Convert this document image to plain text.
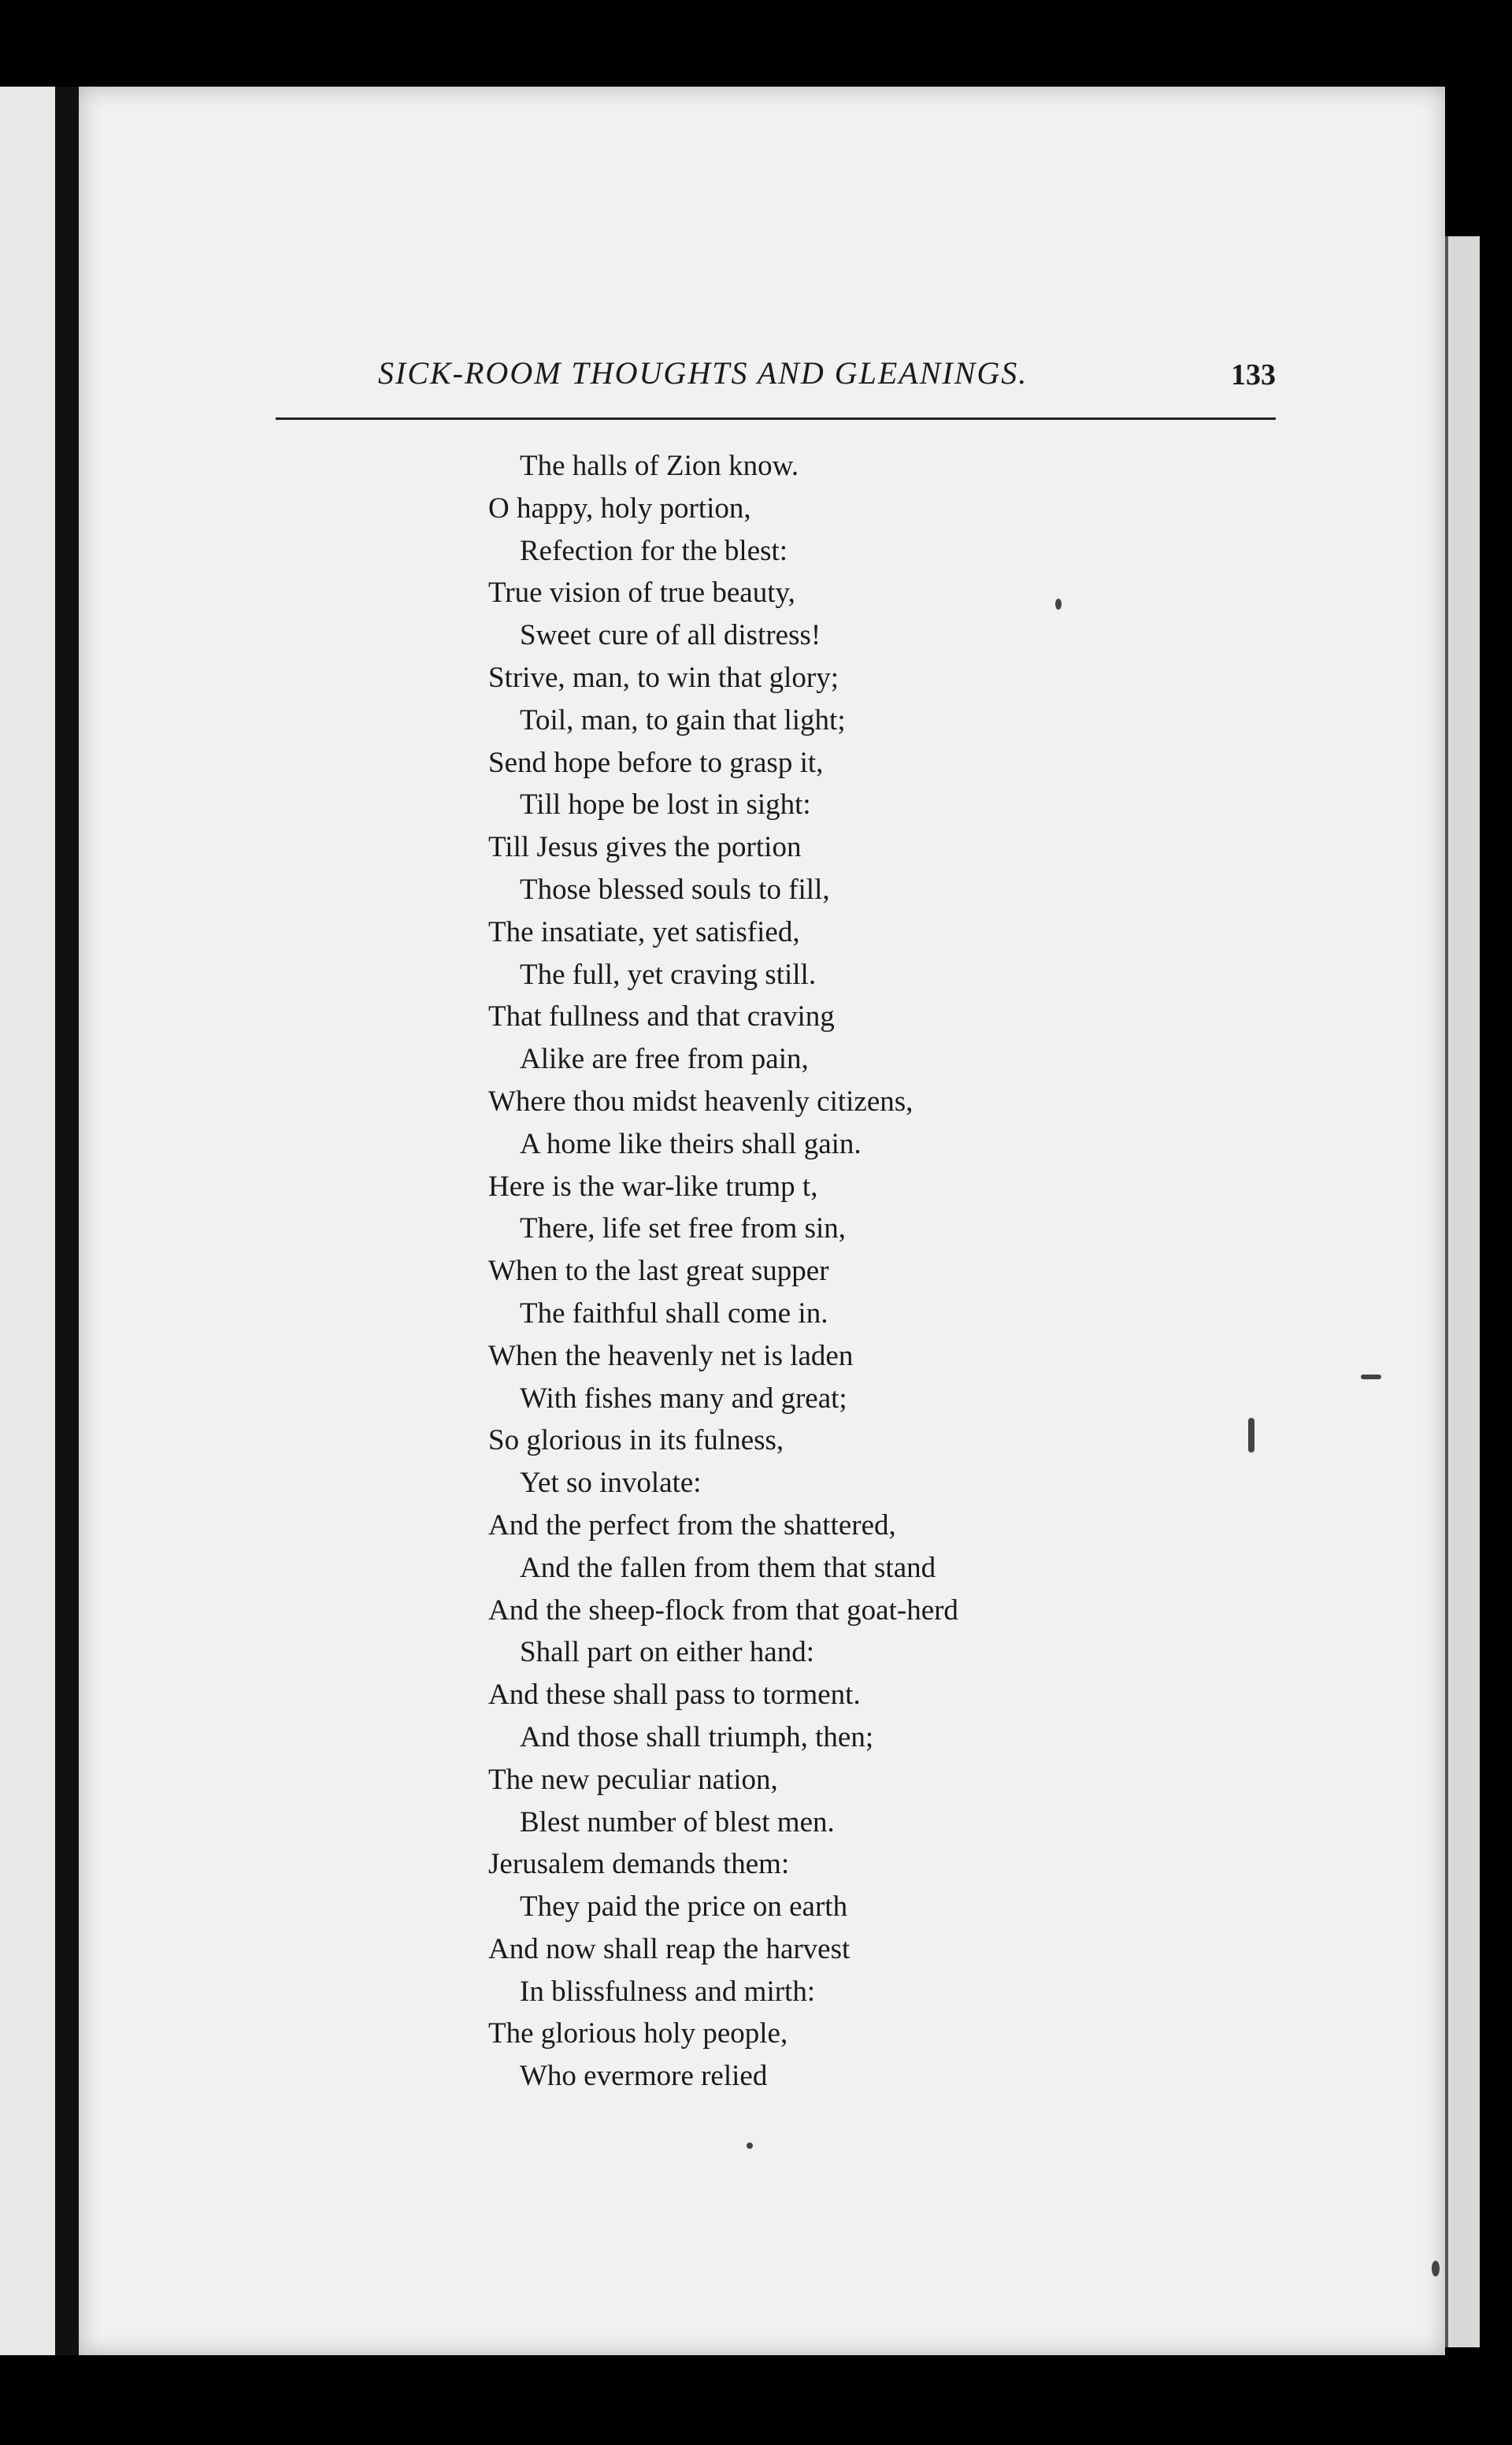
SICK-ROOM THOUGHTS AND GLEANINGS.	133
The halls of Zion know.
O happy, holy portion,
Refection for the blest:
True vision of true beauty,
Sweet cure of all distress!
Strive, man, to win that glory;
Toil, man, to gain that light;
Send hope before to grasp it,
Till hope be lost in sight:
Till Jesus gives the portion
Those blessed souls to fill,
The insatiate, yet satisfied,
The full, yet craving still.
That fullness and that craving
Alike are free from pain,
Where thou midst heavenly citizens,
A home like theirs shall gain.
Here is the war-like trump t,
There, life set free from sin,
When to the last great supper
The faithful shall come in.
When the heavenly net is laden
With fishes many and great;
So glorious in its fulness,
Yet so involate:
And the perfect from the shattered,
And the fallen from them that stand
And the sheep-flock from that goat-herd
Shall part on either hand:
And these shall pass to torment.
And those shall triumph, then;
The new peculiar nation,
Blest number of blest men.
Jerusalem demands them:
They paid the price on earth
And now shall reap the harvest
In blissfulness and mirth:
The glorious holy people,
Who evermore relied
